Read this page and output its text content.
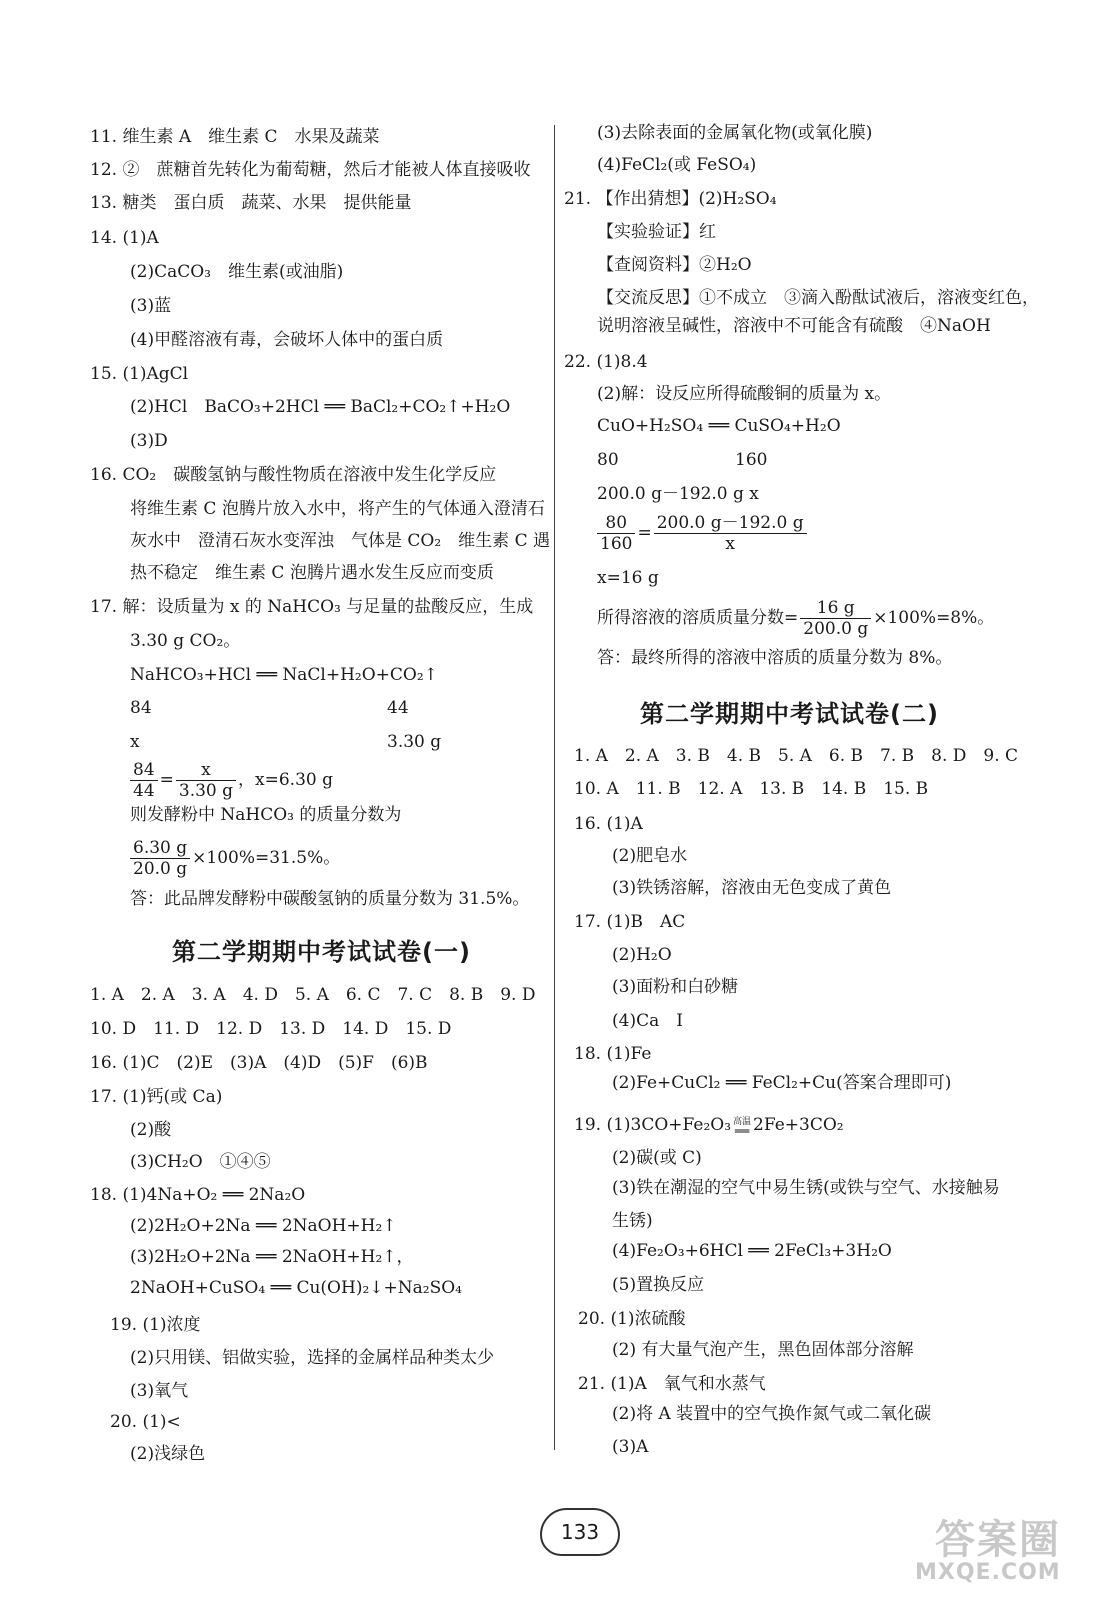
11. 维生素 A　维生素 C　水果及蔬菜
12. ②　蔗糖首先转化为葡萄糖，然后才能被人体直接吸收
13. 糖类　蛋白质　蔬菜、水果　提供能量
14. (1)A
(2)CaCO₃　维生素(或油脂)
(3)蓝
(4)甲醛溶液有毒，会破坏人体中的蛋白质
15. (1)AgCl
(2)HCl　BaCO₃+2HCl ══ BaCl₂+CO₂↑+H₂O
(3)D
16. CO₂　碳酸氢钠与酸性物质在溶液中发生化学反应
将维生素 C 泡腾片放入水中，将产生的气体通入澄清石
灰水中　澄清石灰水变浑浊　气体是 CO₂　维生素 C 遇
热不稳定　维生素 C 泡腾片遇水发生反应而变质
17. 解：设质量为 x 的 NaHCO₃ 与足量的盐酸反应，生成
3.30 g CO₂。
NaHCO₃+HCl ══ NaCl+H₂O+CO₂↑
84	44
x	3.30 g
$\frac{84}{44} = \frac{x}{3.30 g}$ ，x=6.30 g
则发酵粉中 NaHCO₃ 的质量分数为
$\frac{6.30 g}{20.0 g} \times 100\%=31.5\%$。
答：此品牌发酵粉中碳酸氢钠的质量分数为 31.5%。
第二学期期中考试试卷(一)
1. A　2. A　3. A　4. D　5. A　6. C　7. C　8. B　9. D
10. D　11. D　12. D　13. D　14. D　15. D
16. (1)C　(2)E　(3)A　(4)D　(5)F　(6)B
17. (1)钙(或 Ca)
(2)酸
(3)CH₂O　①④⑤
18. (1)4Na+O₂ ══ 2Na₂O
(2)2H₂O+2Na ══ 2NaOH+H₂↑
(3)2H₂O+2Na ══ 2NaOH+H₂↑，
2NaOH+CuSO₄ ══ Cu(OH)₂↓+Na₂SO₄
19. (1)浓度
(2)只用镁、铝做实验，选择的金属样品种类太少
(3)氧气
20. (1)<
(2)浅绿色
(3)去除表面的金属氧化物(或氧化膜)
(4)FeCl₂(或 FeSO₄)
21. 【作出猜想】(2)H₂SO₄
【实验验证】红
【查阅资料】②H₂O
【交流反思】①不成立　③滴入酚酞试液后，溶液变红色，
说明溶液呈碱性，溶液中不可能含有硫酸　④NaOH
22. (1)8.4
(2)解：设反应所得硫酸铜的质量为 x。
CuO+H₂SO₄ ══ CuSO₄+H₂O
80	160
200.0 g－192.0 g x
$\frac{80}{160} = \frac{200.0 g-192.0 g}{x}$
x=16 g
所得溶液的溶质质量分数= $\frac{16 g}{200.0 g} \times 100\%=8\%$。
答：最终所得的溶液中溶质的质量分数为 8%。
第二学期期中考试试卷(二)
1. A　2. A　3. B　4. B　5. A　6. B　7. B　8. D　9. C
10. A　11. B　12. A　13. B　14. B　15. B
16. (1)A
(2)肥皂水
(3)铁锈溶解，溶液由无色变成了黄色
17. (1)B　AC
(2)H₂O
(3)面粉和白砂糖
(4)Ca　I
18. (1)Fe
(2)Fe+CuCl₂ ══ FeCl₂+Cu(答案合理即可)
19. (1)3CO+Fe₂O₃ 高温
══ 2Fe+3CO₂
(2)碳(或 C)
(3)铁在潮湿的空气中易生锈(或铁与空气、水接触易
生锈)
(4)Fe₂O₃+6HCl ══ 2FeCl₃+3H₂O
(5)置换反应
20. (1)浓硫酸
(2) 有大量气泡产生，黑色固体部分溶解
21. (1)A　氧气和水蒸气
(2)将 A 装置中的空气换作氮气或二氧化碳
(3)A
133	答案圈
MXQE.COM
